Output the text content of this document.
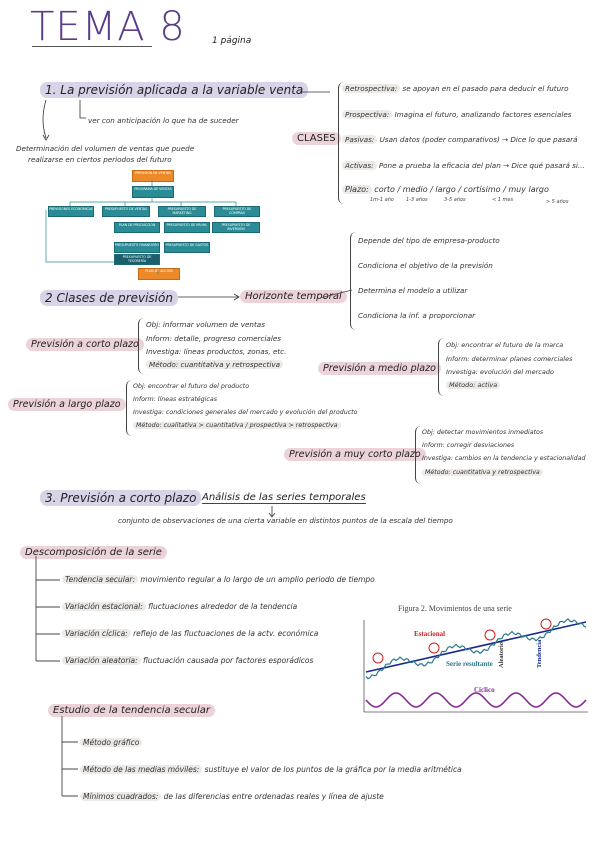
TEMA 8	1 página
1. La previsión aplicada a la variable venta
ver con anticipación lo que ha de suceder
Determinación del volumen de ventas que puede
realizarse en ciertos periodos del futuro
CLASES
Retrospectiva: se apoyan en el pasado para deducir el futuro
Prospectiva: Imagina el futuro, analizando factores esenciales
Pasivas: Usan datos (poder comparativos) → Dice lo que pasará
Activas: Pone a prueba la eficacia del plan → Dice qué pasará si...
Plazo: corto / medio / largo / cortísimo / muy largo
1m-1 año 1-3 años	3-5 años	< 1 mes	> 5 años
PREVISIÓN DE VENTAS
PROGRAMA DE VENTAS
PREVISIONES ECONÓMICAS	PRESUPUESTO DE VENTAS	PRESUPUESTO DE MARKETING
PRESUPUESTO DE COMPRAS
PLAN DE PRODUCCIÓN	PRESUPUESTO DE RR.HH.	PRESUPUESTO DE INVERSIÓN
PRESUPUESTO FINANCIERO	PRESUPUESTO DE GASTOS
PRESUPUESTO DE TESORERÍA
PLAN DE ACCIÓN
2 Clases de previsión	Horizonte temporal
Depende del tipo de empresa-producto
Condiciona el objetivo de la previsión
Determina el modelo a utilizar
Condiciona la inf. a proporcionar
Previsión a corto plazo
Obj: informar volumen de ventas
Inform: detalle, progreso comerciales
Investiga: líneas productos, zonas, etc.
Método: cuantitativa y retrospectiva	Previsión a medio plazo
Obj: encontrar el futuro de la marca
Inform: determinar planes comerciales
Investiga: evolución del mercado
Método: activa
Previsión a largo plazo
Obj: encontrar el futuro del producto
Inform: líneas estratégicas
Investiga: condiciones generales del mercado y evolución del producto
Método: cualitativa > cuantitativa / prospectiva > retrospectiva
Previsión a muy corto plazo
Obj: detectar movimientos inmediatos
Inform: corregir desviaciones
Investiga: cambios en la tendencia y estacionalidad
Método: cuantitativa y retrospectiva
3. Previsión a corto plazo Análisis de las series temporales
conjunto de observaciones de una cierta variable en distintos puntos de la escala del tiempo
Descomposición de la serie
Tendencia secular: movimiento regular a lo largo de un amplio periodo de tiempo
Variación estacional: fluctuaciones alrededor de la tendencia
Variación cíclica: reflejo de las fluctuaciones de la actv. económica
Variación aleatoria: fluctuación causada por factores esporádicos
Figura 2. Movimientos de una serie
Estacional
Serie resultante
Cíclico
Aleatorio	Tendencia
Estudio de la tendencia secular
Método gráfico
Método de las medias móviles: sustituye el valor de los puntos de la gráfica por la media aritmética
Mínimos cuadrados: de las diferencias entre ordenadas reales y línea de ajuste
